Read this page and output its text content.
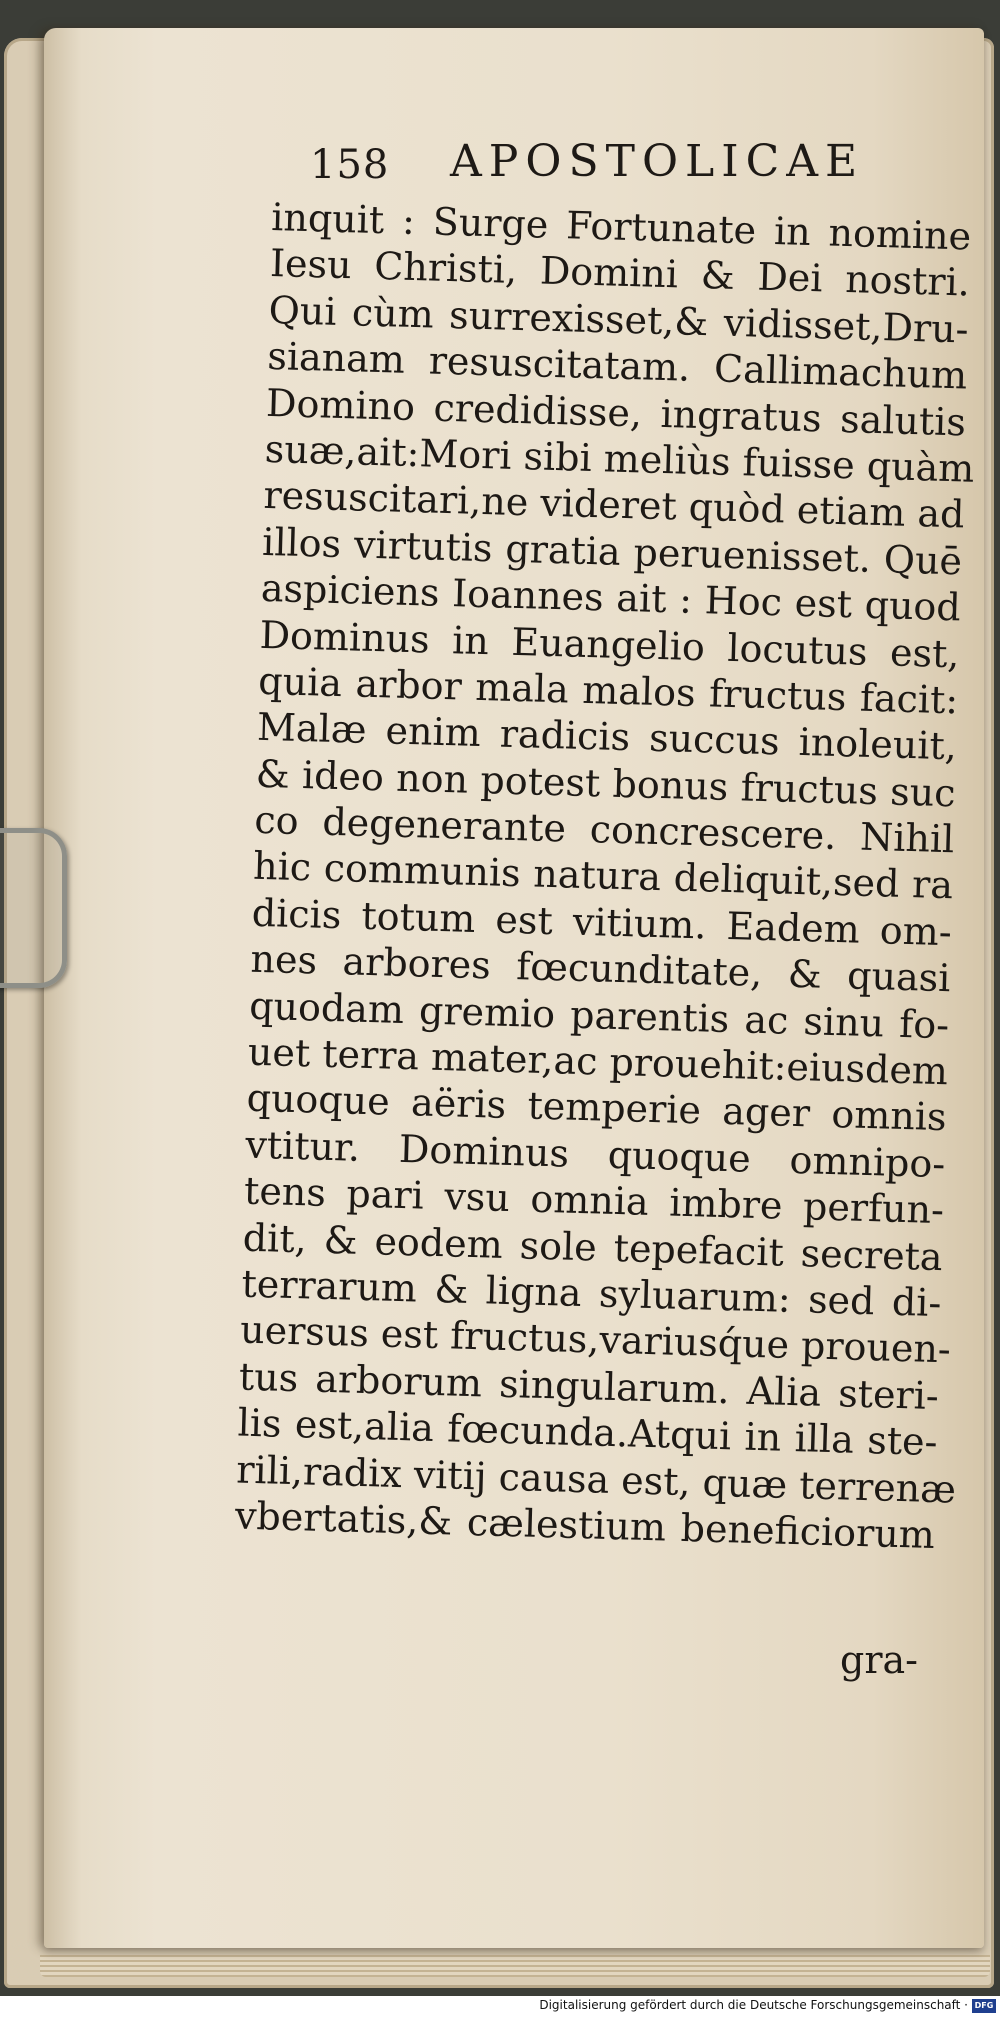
158 APOSTOLICAE
inquit : Surge Fortunate in nomine
Iesu Christi, Domini & Dei nostri.
Qui cùm surrexisset,& vidisset,Dru-
sianam resuscitatam. Callimachum
Domino credidisse, ingratus salutis
suæ,ait:Mori sibi meliùs fuisse quàm
resuscitari,ne videret quòd etiam ad
illos virtutis gratia peruenisset. Quē
aspiciens Ioannes ait : Hoc est quod
Dominus in Euangelio locutus est,
quia arbor mala malos fructus facit:
Malæ enim radicis succus inoleuit,
& ideo non potest bonus fructus suc
co degenerante concrescere. Nihil
hic communis natura deliquit,sed ra
dicis totum est vitium. Eadem om-
nes arbores fœcunditate, & quasi
quodam gremio parentis ac sinu fo-
uet terra mater,ac prouehit:eiusdem
quoque aëris temperie ager omnis
vtitur. Dominus quoque omnipo-
tens pari vsu omnia imbre perfun-
dit, & eodem sole tepefacit secreta
terrarum & ligna syluarum: sed di-
uersus est fructus,variusq́ue prouen-
tus arborum singularum. Alia steri-
lis est,alia fœcunda.Atqui in illa ste-
rili,radix vitij causa est, quæ terrenæ
vbertatis,& cælestium beneficiorum
gra-
Digitalisierung gefördert durch die Deutsche Forschungsgemeinschaft · DFG
